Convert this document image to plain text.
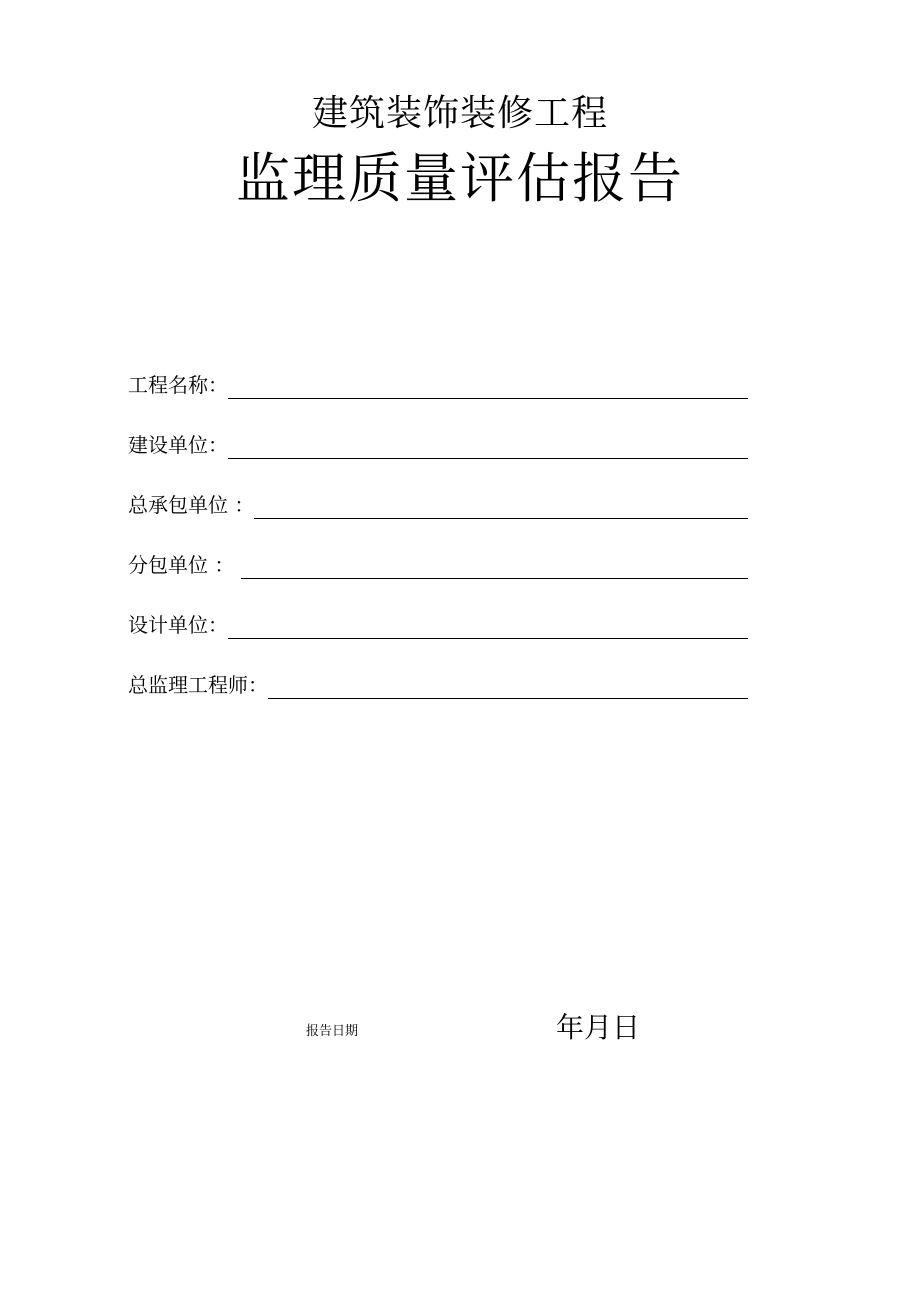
建筑装饰装修工程
监理质量评估报告
工程名称：
建设单位：
总承包单位 ：
分包单位 ：
设计单位：
总监理工程师：
报告日期	年月日
